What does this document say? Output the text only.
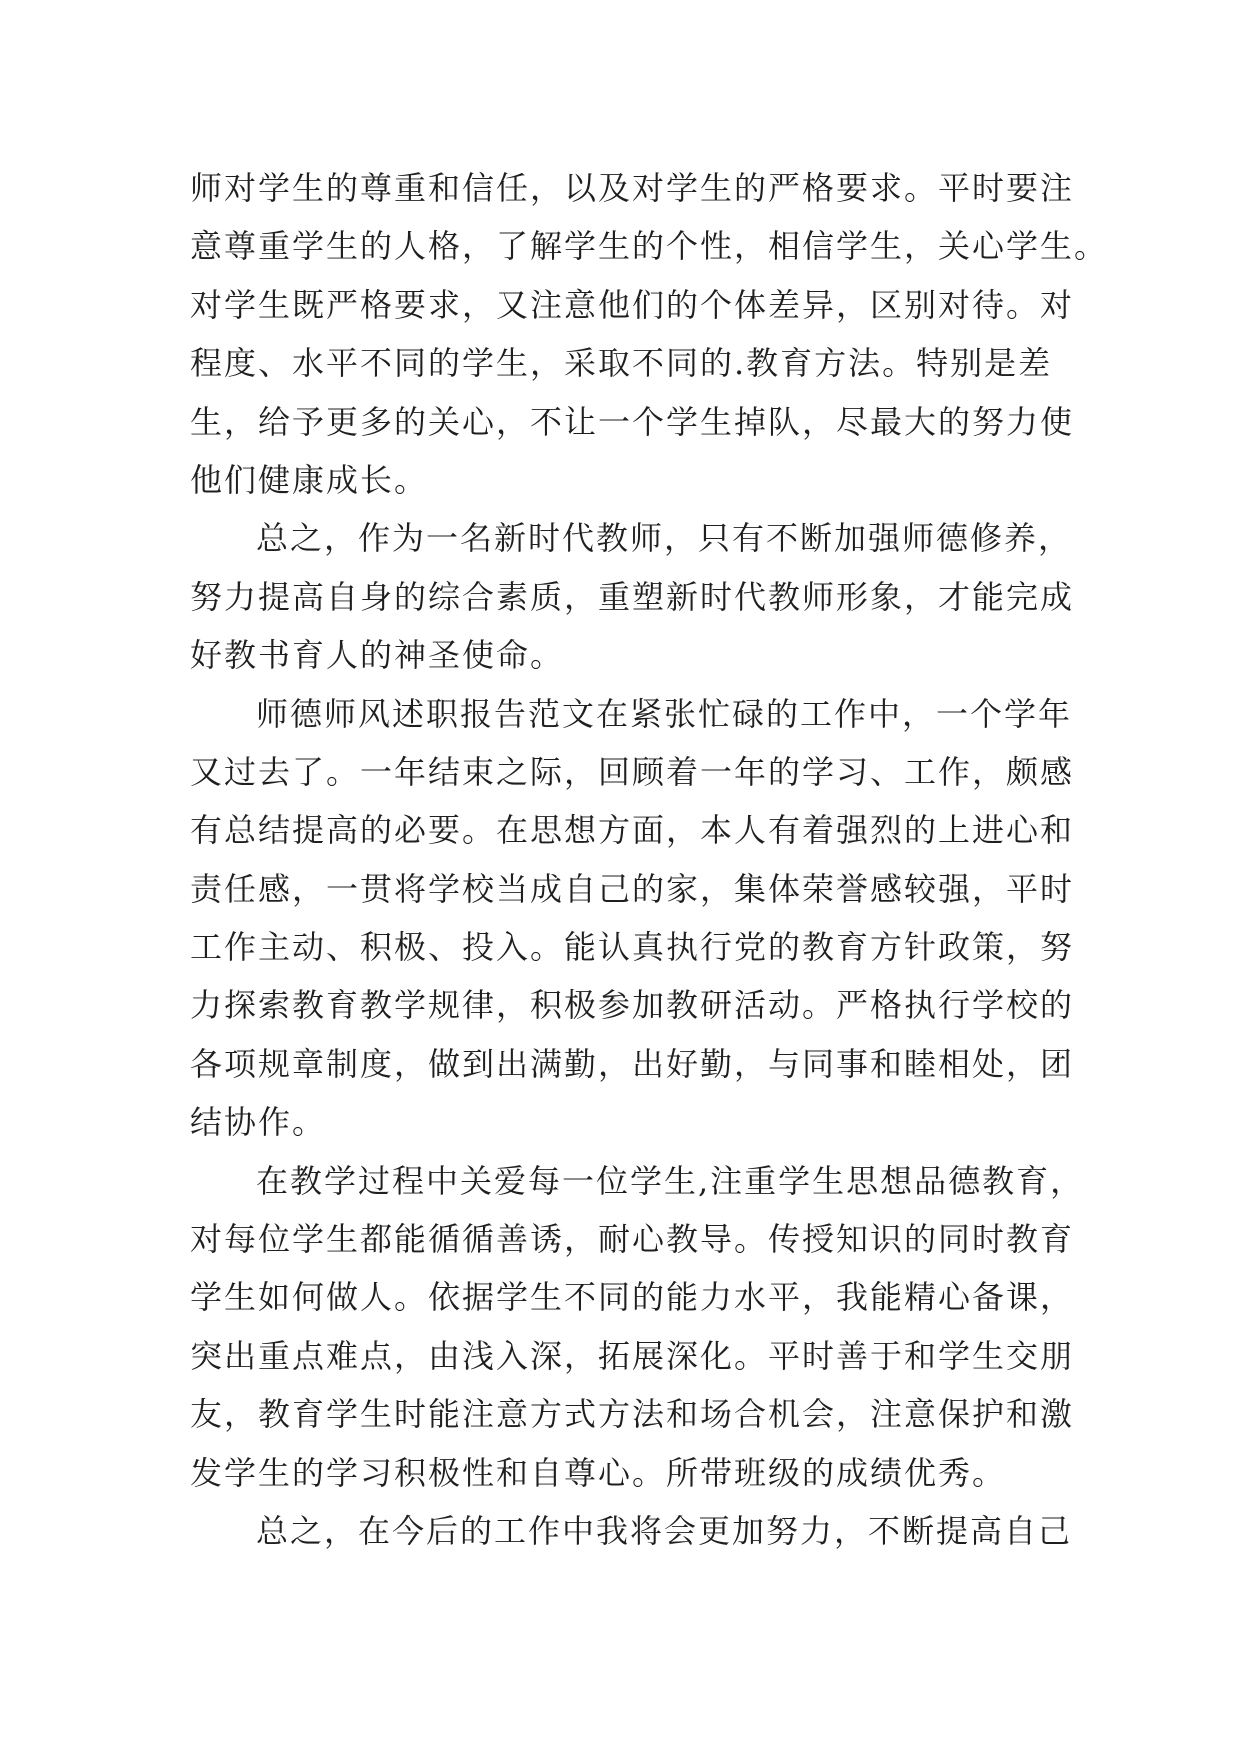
师对学生的尊重和信任，以及对学生的严格要求。平时要注
意尊重学生的人格，了解学生的个性，相信学生，关心学生。
对学生既严格要求，又注意他们的个体差异，区别对待。对
程度、水平不同的学生，采取不同的.教育方法。特别是差
生，给予更多的关心，不让一个学生掉队，尽最大的努力使
他们健康成长。
总之，作为一名新时代教师，只有不断加强师德修养，
努力提高自身的综合素质，重塑新时代教师形象，才能完成
好教书育人的神圣使命。
师德师风述职报告范文在紧张忙碌的工作中，一个学年
又过去了。一年结束之际，回顾着一年的学习、工作，颇感
有总结提高的必要。在思想方面，本人有着强烈的上进心和
责任感，一贯将学校当成自己的家，集体荣誉感较强，平时
工作主动、积极、投入。能认真执行党的教育方针政策，努
力探索教育教学规律，积极参加教研活动。严格执行学校的
各项规章制度，做到出满勤，出好勤，与同事和睦相处，团
结协作。
在教学过程中关爱每一位学生,注重学生思想品德教育，
对每位学生都能循循善诱，耐心教导。传授知识的同时教育
学生如何做人。依据学生不同的能力水平，我能精心备课，
突出重点难点，由浅入深，拓展深化。平时善于和学生交朋
友，教育学生时能注意方式方法和场合机会，注意保护和激
发学生的学习积极性和自尊心。所带班级的成绩优秀。
总之，在今后的工作中我将会更加努力，不断提高自己
